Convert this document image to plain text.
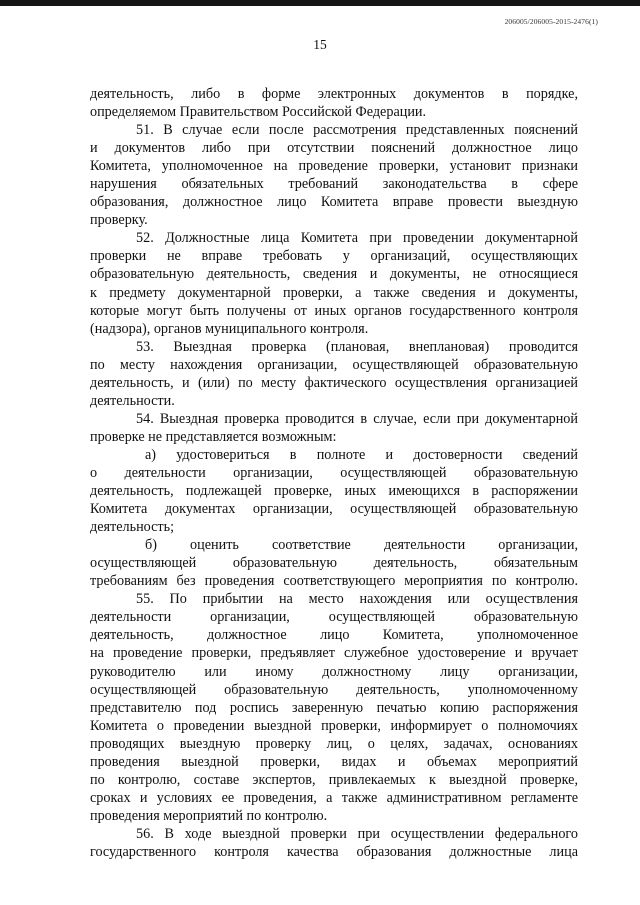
206005/206005-2015-2476(1)
15
деятельность, либо в форме электронных документов в порядке,
определяемом Правительством Российской Федерации.
51. В случае если после рассмотрения представленных пояснений
и документов либо при отсутствии пояснений должностное лицо
Комитета, уполномоченное на проведение проверки, установит признаки
нарушения обязательных требований законодательства в сфере
образования, должностное лицо Комитета вправе провести выездную
проверку.
52. Должностные лица Комитета при проведении документарной
проверки не вправе требовать у организаций, осуществляющих
образовательную деятельность, сведения и документы, не относящиеся
к предмету документарной проверки, а также сведения и документы,
которые могут быть получены от иных органов государственного контроля
(надзора), органов муниципального контроля.
53. Выездная проверка (плановая, внеплановая) проводится
по месту нахождения организации, осуществляющей образовательную
деятельность, и (или) по месту фактического осуществления организацией
деятельности.
54. Выездная проверка проводится в случае, если при документарной
проверке не представляется возможным:
а) удостовериться в полноте и достоверности сведений
о деятельности организации, осуществляющей образовательную
деятельность, подлежащей проверке, иных имеющихся в распоряжении
Комитета документах организации, осуществляющей образовательную
деятельность;
б) оценить соответствие деятельности организации,
осуществляющей образовательную деятельность, обязательным
требованиям без проведения соответствующего мероприятия по контролю.
55. По прибытии на место нахождения или осуществления
деятельности организации, осуществляющей образовательную
деятельность, должностное лицо Комитета, уполномоченное
на проведение проверки, предъявляет служебное удостоверение и вручает
руководителю или иному должностному лицу организации,
осуществляющей образовательную деятельность, уполномоченному
представителю под роспись заверенную печатью копию распоряжения
Комитета о проведении выездной проверки, информирует о полномочиях
проводящих выездную проверку лиц, о целях, задачах, основаниях
проведения выездной проверки, видах и объемах мероприятий
по контролю, составе экспертов, привлекаемых к выездной проверке,
сроках и условиях ее проведения, а также административном регламенте
проведения мероприятий по контролю.
56. В ходе выездной проверки при осуществлении федерального
государственного контроля качества образования должностные лица
